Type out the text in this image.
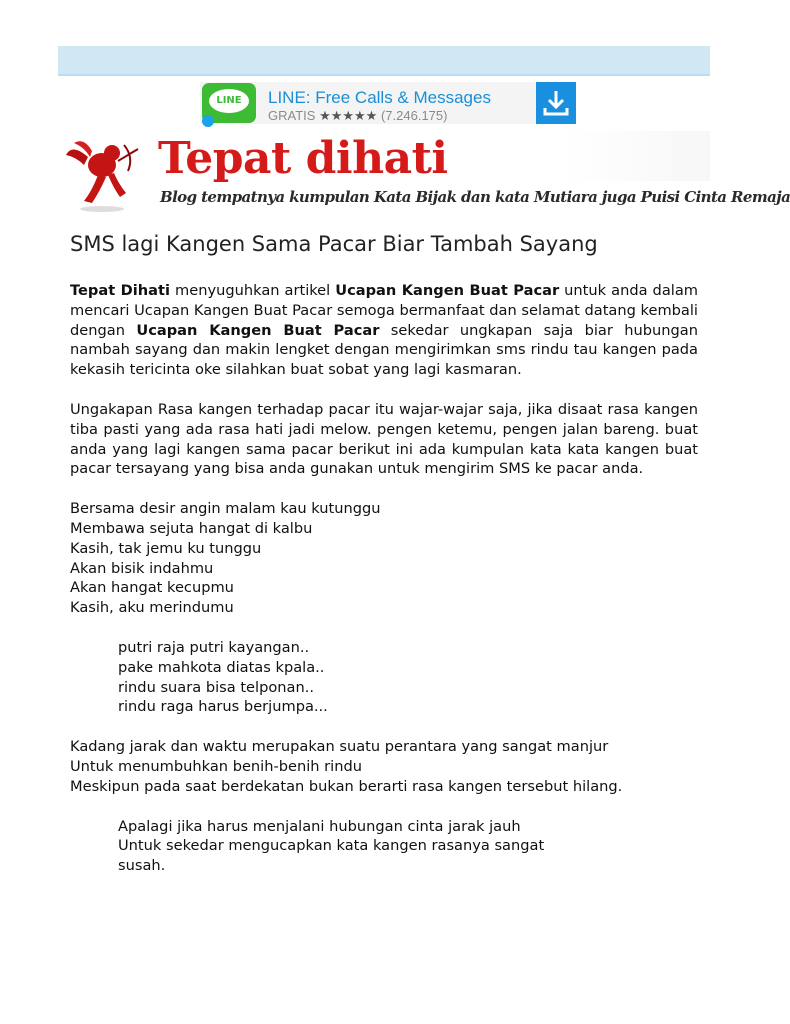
LINE	LINE: Free Calls & Messages
GRATIS ★★★★★ (7.246.175)
Tepat dihati
Blog tempatnya kumpulan Kata Bijak dan kata Mutiara juga Puisi Cinta Remaja
SMS lagi Kangen Sama Pacar Biar Tambah Sayang

Tepat Dihati menyuguhkan artikel Ucapan Kangen Buat Pacar untuk anda dalam mencari Ucapan Kangen Buat Pacar semoga bermanfaat dan selamat datang kembali dengan Ucapan Kangen Buat Pacar sekedar ungkapan saja biar hubungan nambah sayang dan makin lengket dengan mengirimkan sms rindu tau kangen pada kekasih tericinta oke silahkan buat sobat yang lagi kasmaran.

Ungakapan Rasa kangen terhadap pacar itu wajar-wajar saja, jika disaat rasa kangen tiba pasti yang ada rasa hati jadi melow. pengen ketemu, pengen jalan bareng. buat anda yang lagi kangen sama pacar berikut ini ada kumpulan kata kata kangen buat pacar tersayang yang bisa anda gunakan untuk mengirim SMS ke pacar anda.

Bersama desir angin malam kau kutunggu
Membawa sejuta hangat di kalbu
Kasih, tak jemu ku tunggu
Akan bisik indahmu
Akan hangat kecupmu
Kasih, aku merindumu
putri raja putri kayangan..
pake mahkota diatas kpala..
rindu suara bisa telponan..
rindu raga harus berjumpa...
Kadang jarak dan waktu merupakan suatu perantara yang sangat manjur
Untuk menumbuhkan benih-benih rindu
Meskipun pada saat berdekatan bukan berarti rasa kangen tersebut hilang.
Apalagi jika harus menjalani hubungan cinta jarak jauh
Untuk sekedar mengucapkan kata kangen rasanya sangat
susah.
